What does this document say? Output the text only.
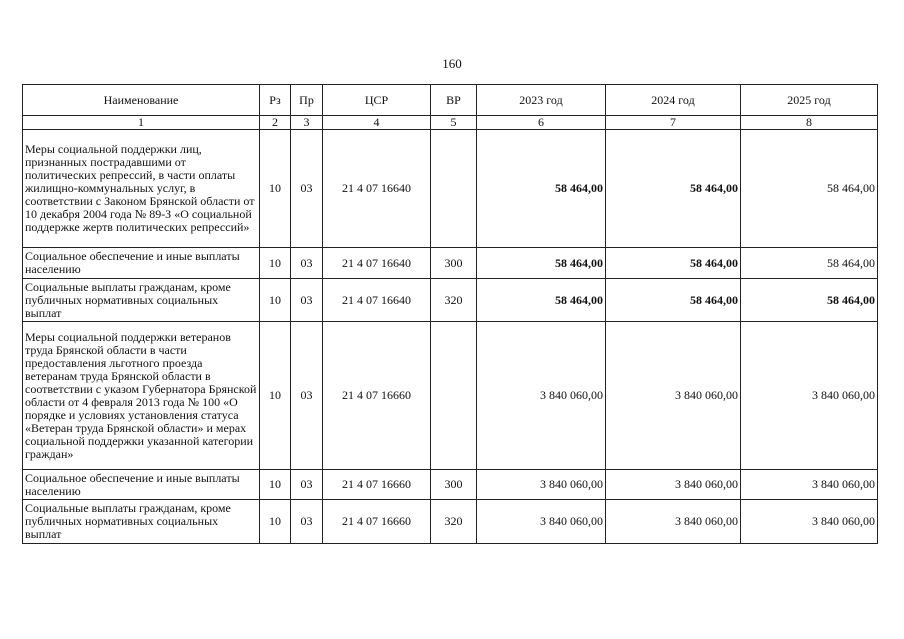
160
Наименование	Рз	Пр	ЦСР	ВР	2023 год	2024 год	2025 год
1	2	3	4	5	6	7	8
Меры социальной поддержки лиц, признанных пострадавшими от политических репрессий, в части оплаты жилищно-коммунальных услуг, в соответствии с Законом Брянской области от 10 декабря 2004 года № 89-З «О социальной поддержке жертв политических репрессий»	10	03	21 4 07 16640		58 464,00	58 464,00	58 464,00
Социальное обеспечение и иные выплаты населению	10	03	21 4 07 16640	300	58 464,00	58 464,00	58 464,00
Социальные выплаты гражданам, кроме публичных нормативных социальных выплат	10	03	21 4 07 16640	320	58 464,00	58 464,00	58 464,00
Меры социальной поддержки ветеранов труда Брянской области в части предоставления льготного проезда ветеранам труда Брянской области в соответствии с указом Губернатора Брянской области от 4 февраля 2013 года № 100 «О порядке и условиях установления статуса «Ветеран труда Брянской области» и мерах социальной поддержки указанной категории граждан»	10	03	21 4 07 16660		3 840 060,00	3 840 060,00	3 840 060,00
Социальное обеспечение и иные выплаты населению	10	03	21 4 07 16660	300	3 840 060,00	3 840 060,00	3 840 060,00
Социальные выплаты гражданам, кроме публичных нормативных социальных выплат	10	03	21 4 07 16660	320	3 840 060,00	3 840 060,00	3 840 060,00
